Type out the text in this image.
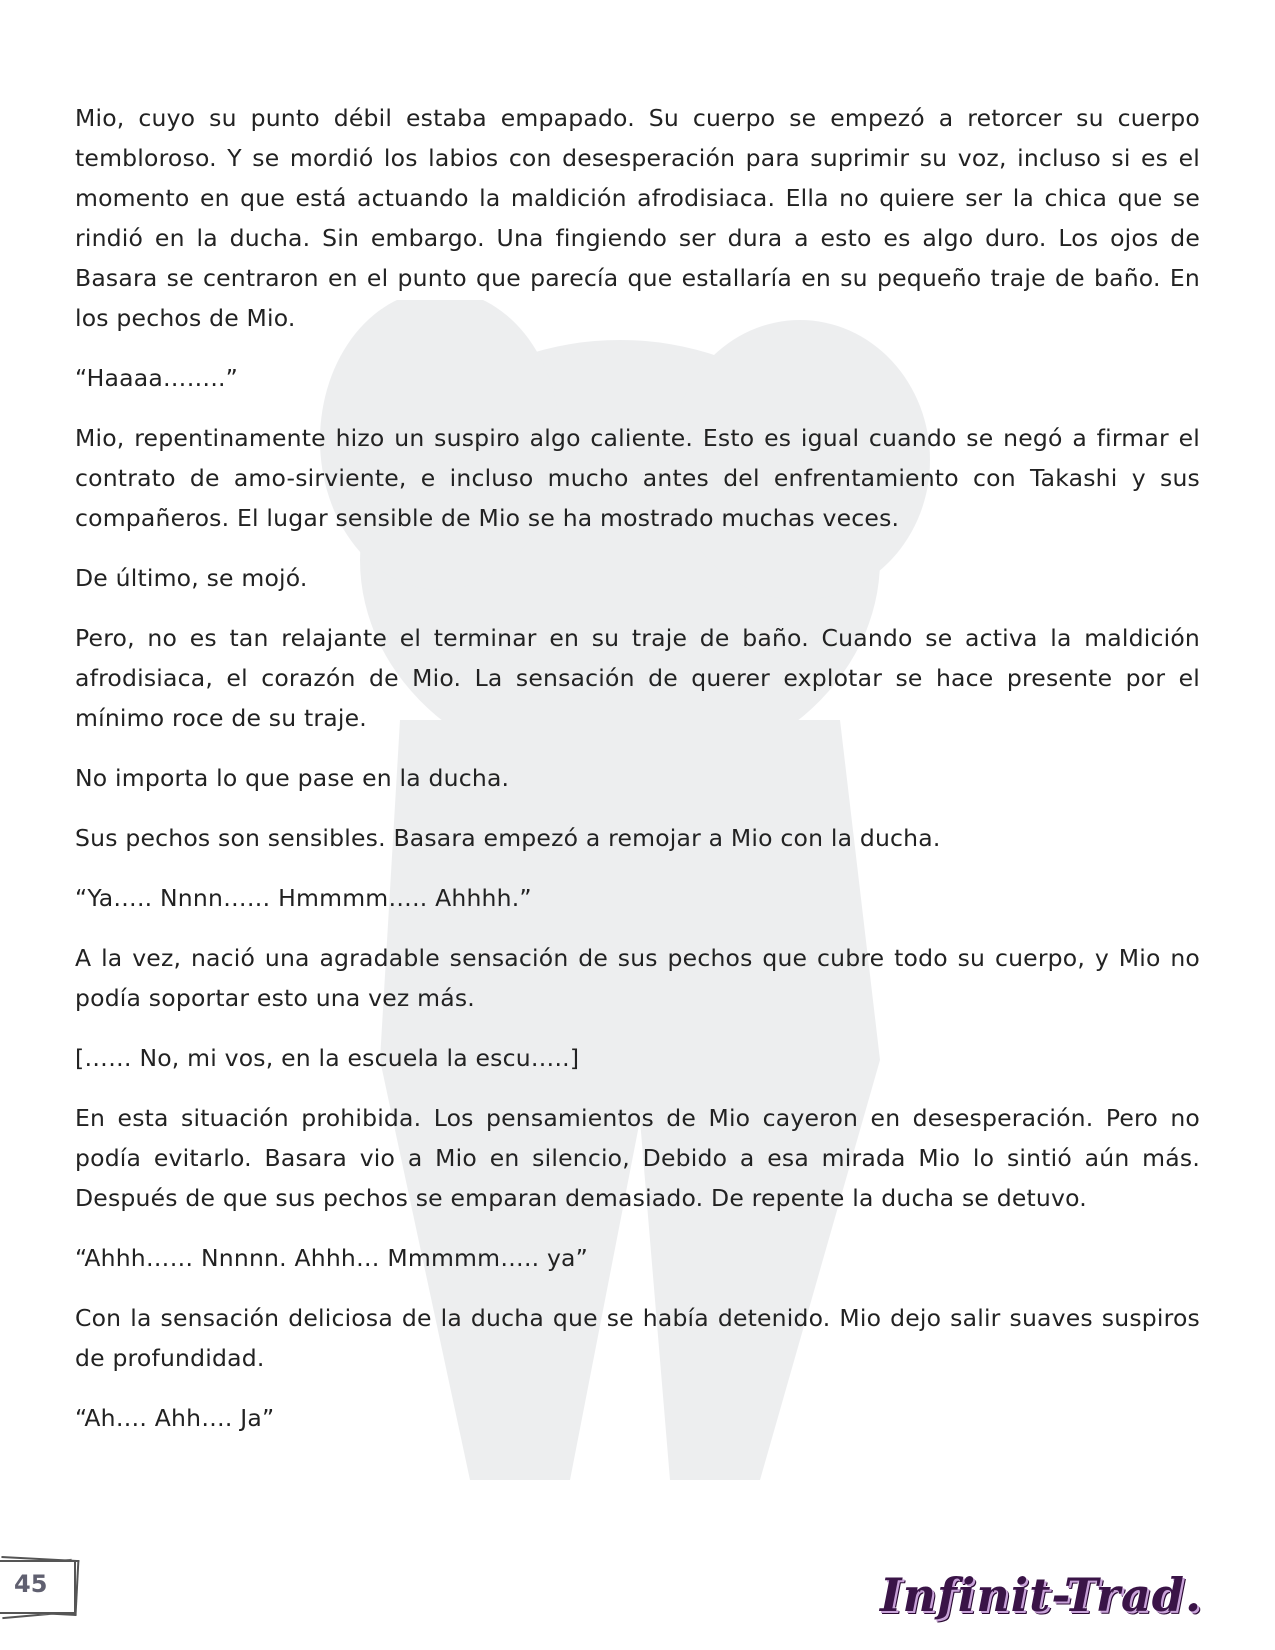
Mio, cuyo su punto débil estaba empapado. Su cuerpo se empezó a retorcer su cuerpo tembloroso. Y se mordió los labios con desesperación para suprimir su voz, incluso si es el momento en que está actuando la maldición afrodisiaca. Ella no quiere ser la chica que se rindió en la ducha. Sin embargo. Una fingiendo ser dura a esto es algo duro. Los ojos de Basara se centraron en el punto que parecía que estallaría en su pequeño traje de baño. En los pechos de Mio.

“Haaaa……..”

Mio, repentinamente hizo un suspiro algo caliente. Esto es igual cuando se negó a firmar el contrato de amo-sirviente, e incluso mucho antes del enfrentamiento con Takashi y sus compañeros. El lugar sensible de Mio se ha mostrado muchas veces.

De último, se mojó.

Pero, no es tan relajante el terminar en su traje de baño. Cuando se activa la maldición afrodisiaca, el corazón de Mio. La sensación de querer explotar se hace presente por el mínimo roce de su traje.

No importa lo que pase en la ducha.

Sus pechos son sensibles. Basara empezó a remojar a Mio con la ducha.

“Ya….. Nnnn…… Hmmmm….. Ahhhh.”

A la vez, nació una agradable sensación de sus pechos que cubre todo su cuerpo, y Mio no podía soportar esto una vez más.

[…… No, mi vos, en la escuela la escu…..]

En esta situación prohibida. Los pensamientos de Mio cayeron en desesperación. Pero no podía evitarlo. Basara vio a Mio en silencio, Debido a esa mirada Mio lo sintió aún más. Después de que sus pechos se emparan demasiado. De repente la ducha se detuvo.

“Ahhh…… Nnnnn. Ahhh… Mmmmm….. ya”

Con la sensación deliciosa de la ducha que se había detenido. Mio dejo salir suaves suspiros de profundidad.

“Ah…. Ahh…. Ja”

45	Infinit-Trad.
